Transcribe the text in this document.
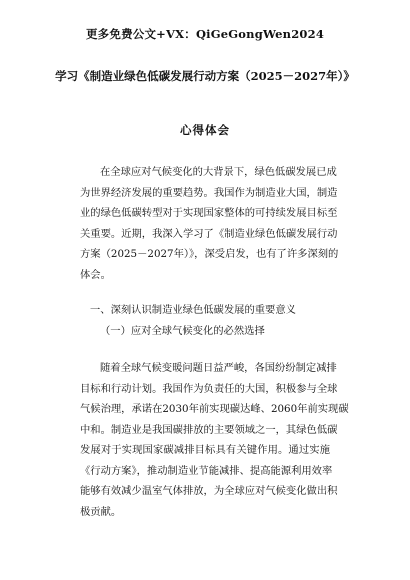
更多免费公文+VX：QiGeGongWen2024
学习《制造业绿色低碳发展行动方案（2025－2027年）》
心得体会
在全球应对气候变化的大背景下，绿色低碳发展已成
为世界经济发展的重要趋势。我国作为制造业大国，制造
业的绿色低碳转型对于实现国家整体的可持续发展目标至
关重要。近期，我深入学习了《制造业绿色低碳发展行动
方案（2025－2027年）》，深受启发，也有了许多深刻的
体会。
一、深刻认识制造业绿色低碳发展的重要意义
（一）应对全球气候变化的必然选择
随着全球气候变暖问题日益严峻，各国纷纷制定减排
目标和行动计划。我国作为负责任的大国，积极参与全球
气候治理，承诺在2030年前实现碳达峰、2060年前实现碳
中和。制造业是我国碳排放的主要领域之一，其绿色低碳
发展对于实现国家碳减排目标具有关键作用。通过实施
《行动方案》，推动制造业节能减排、提高能源利用效率
能够有效减少温室气体排放，为全球应对气候变化做出积
极贡献。
